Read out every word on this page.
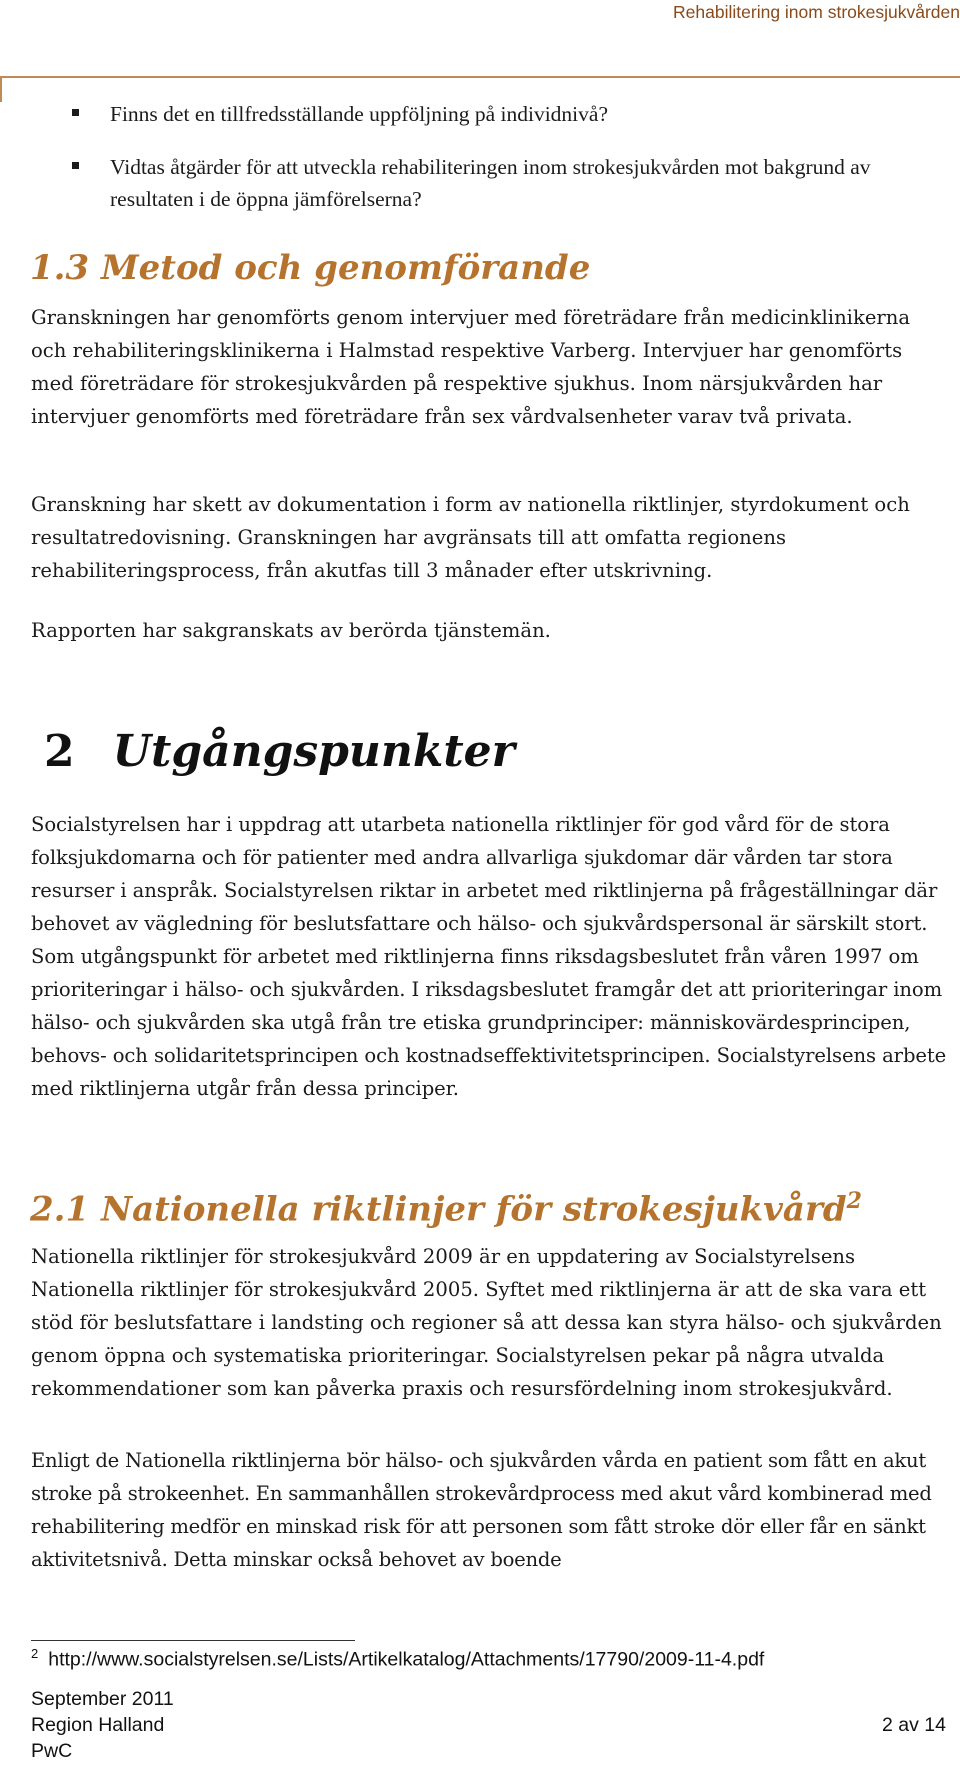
Rehabilitering inom strokesjukvården
Finns det en tillfredsställande uppföljning på individnivå?
Vidtas åtgärder för att utveckla rehabiliteringen inom strokesjukvården mot bakgrund av resultaten i de öppna jämförelserna?
1.3 Metod och genomförande

Granskningen har genomförts genom intervjuer med företrädare från medicinklinikerna och rehabiliteringsklinikerna i Halmstad respektive Varberg. Intervjuer har genomförts med företrädare för strokesjukvården på respektive sjukhus. Inom närsjukvården har intervjuer genomförts med företrädare från sex vårdvalsenheter varav två privata.

Granskning har skett av dokumentation i form av nationella riktlinjer, styrdokument och resultatredovisning. Granskningen har avgränsats till att omfatta regionens rehabiliteringsprocess, från akutfas till 3 månader efter utskrivning.

Rapporten har sakgranskats av berörda tjänstemän.

2 Utgångspunkter

Socialstyrelsen har i uppdrag att utarbeta nationella riktlinjer för god vård för de stora folksjukdomarna och för patienter med andra allvarliga sjukdomar där vården tar stora resurser i anspråk. Socialstyrelsen riktar in arbetet med riktlinjerna på frågeställningar där behovet av vägledning för beslutsfattare och hälso- och sjukvårdspersonal är särskilt stort. Som utgångspunkt för arbetet med riktlinjerna finns riksdagsbeslutet från våren 1997 om prioriteringar i hälso- och sjukvården. I riksdagsbeslutet framgår det att prioriteringar inom hälso- och sjukvården ska utgå från tre etiska grundprinciper: människovärdesprincipen, behovs- och solidaritetsprincipen och kostnadseffektivitetsprincipen. Socialstyrelsens arbete med riktlinjerna utgår från dessa principer.

2.1 Nationella riktlinjer för strokesjukvård$^2$

Nationella riktlinjer för strokesjukvård 2009 är en uppdatering av Socialstyrelsens Nationella riktlinjer för strokesjukvård 2005. Syftet med riktlinjerna är att de ska vara ett stöd för beslutsfattare i landsting och regioner så att dessa kan styra hälso- och sjukvården genom öppna och systematiska prioriteringar. Socialstyrelsen pekar på några utvalda rekommendationer som kan påverka praxis och resursfördelning inom strokesjukvård.

Enligt de Nationella riktlinjerna bör hälso- och sjukvården vårda en patient som fått en akut stroke på strokeenhet. En sammanhållen strokevårdprocess med akut vård kombinerad med rehabilitering medför en minskad risk för att personen som fått stroke dör eller får en sänkt aktivitetsnivå. Detta minskar också behovet av boende

$^2$ http://www.socialstyrelsen.se/Lists/Artikelkatalog/Attachments/17790/2009-11-4.pdf
September 2011
Region Halland
PwC
2 av 14
